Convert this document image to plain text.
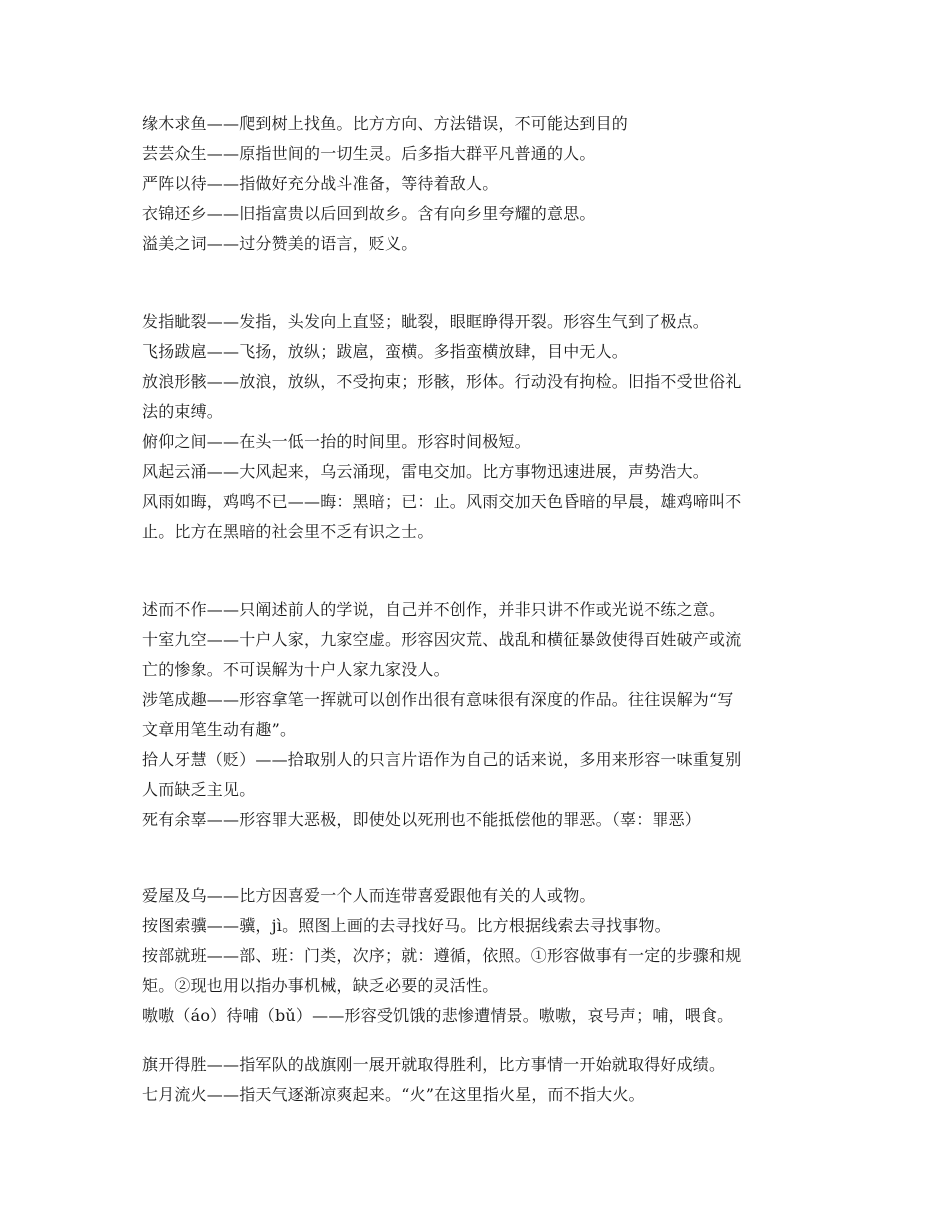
缘木求鱼——爬到树上找鱼。比方方向、方法错误，不可能达到目的
芸芸众生——原指世间的一切生灵。后多指大群平凡普通的人。
严阵以待——指做好充分战斗准备，等待着敌人。
衣锦还乡——旧指富贵以后回到故乡。含有向乡里夸耀的意思。
溢美之词——过分赞美的语言，贬义。
发指眦裂——发指，头发向上直竖；眦裂，眼眶睁得开裂。形容生气到了极点。
飞扬跋扈——飞扬，放纵；跋扈，蛮横。多指蛮横放肆，目中无人。
放浪形骸——放浪，放纵，不受拘束；形骸，形体。行动没有拘检。旧指不受世俗礼
法的束缚。
俯仰之间——在头一低一抬的时间里。形容时间极短。
风起云涌——大风起来，乌云涌现，雷电交加。比方事物迅速进展，声势浩大。
风雨如晦，鸡鸣不已——晦：黑暗；已：止。风雨交加天色昏暗的早晨，雄鸡啼叫不
止。比方在黑暗的社会里不乏有识之士。
述而不作——只阐述前人的学说，自己并不创作，并非只讲不作或光说不练之意。
十室九空——十户人家，九家空虚。形容因灾荒、战乱和横征暴敛使得百姓破产或流
亡的惨象。不可误解为十户人家九家没人。
涉笔成趣——形容拿笔一挥就可以创作出很有意味很有深度的作品。往往误解为“写
文章用笔生动有趣”。
拾人牙慧（贬）——拾取别人的只言片语作为自己的话来说，多用来形容一味重复别
人而缺乏主见。
死有余辜——形容罪大恶极，即使处以死刑也不能抵偿他的罪恶。（辜：罪恶）
爱屋及乌——比方因喜爱一个人而连带喜爱跟他有关的人或物。
按图索骥——骥，jì。照图上画的去寻找好马。比方根据线索去寻找事物。
按部就班——部、班：门类，次序；就：遵循，依照。①形容做事有一定的步骤和规
矩。②现也用以指办事机械，缺乏必要的灵活性。
嗷嗷（áo）待哺（bǔ）——形容受饥饿的悲惨遭情景。嗷嗷，哀号声；哺，喂食。
旗开得胜——指军队的战旗刚一展开就取得胜利，比方事情一开始就取得好成绩。
七月流火——指天气逐渐凉爽起来。“火”在这里指火星，而不指大火。
